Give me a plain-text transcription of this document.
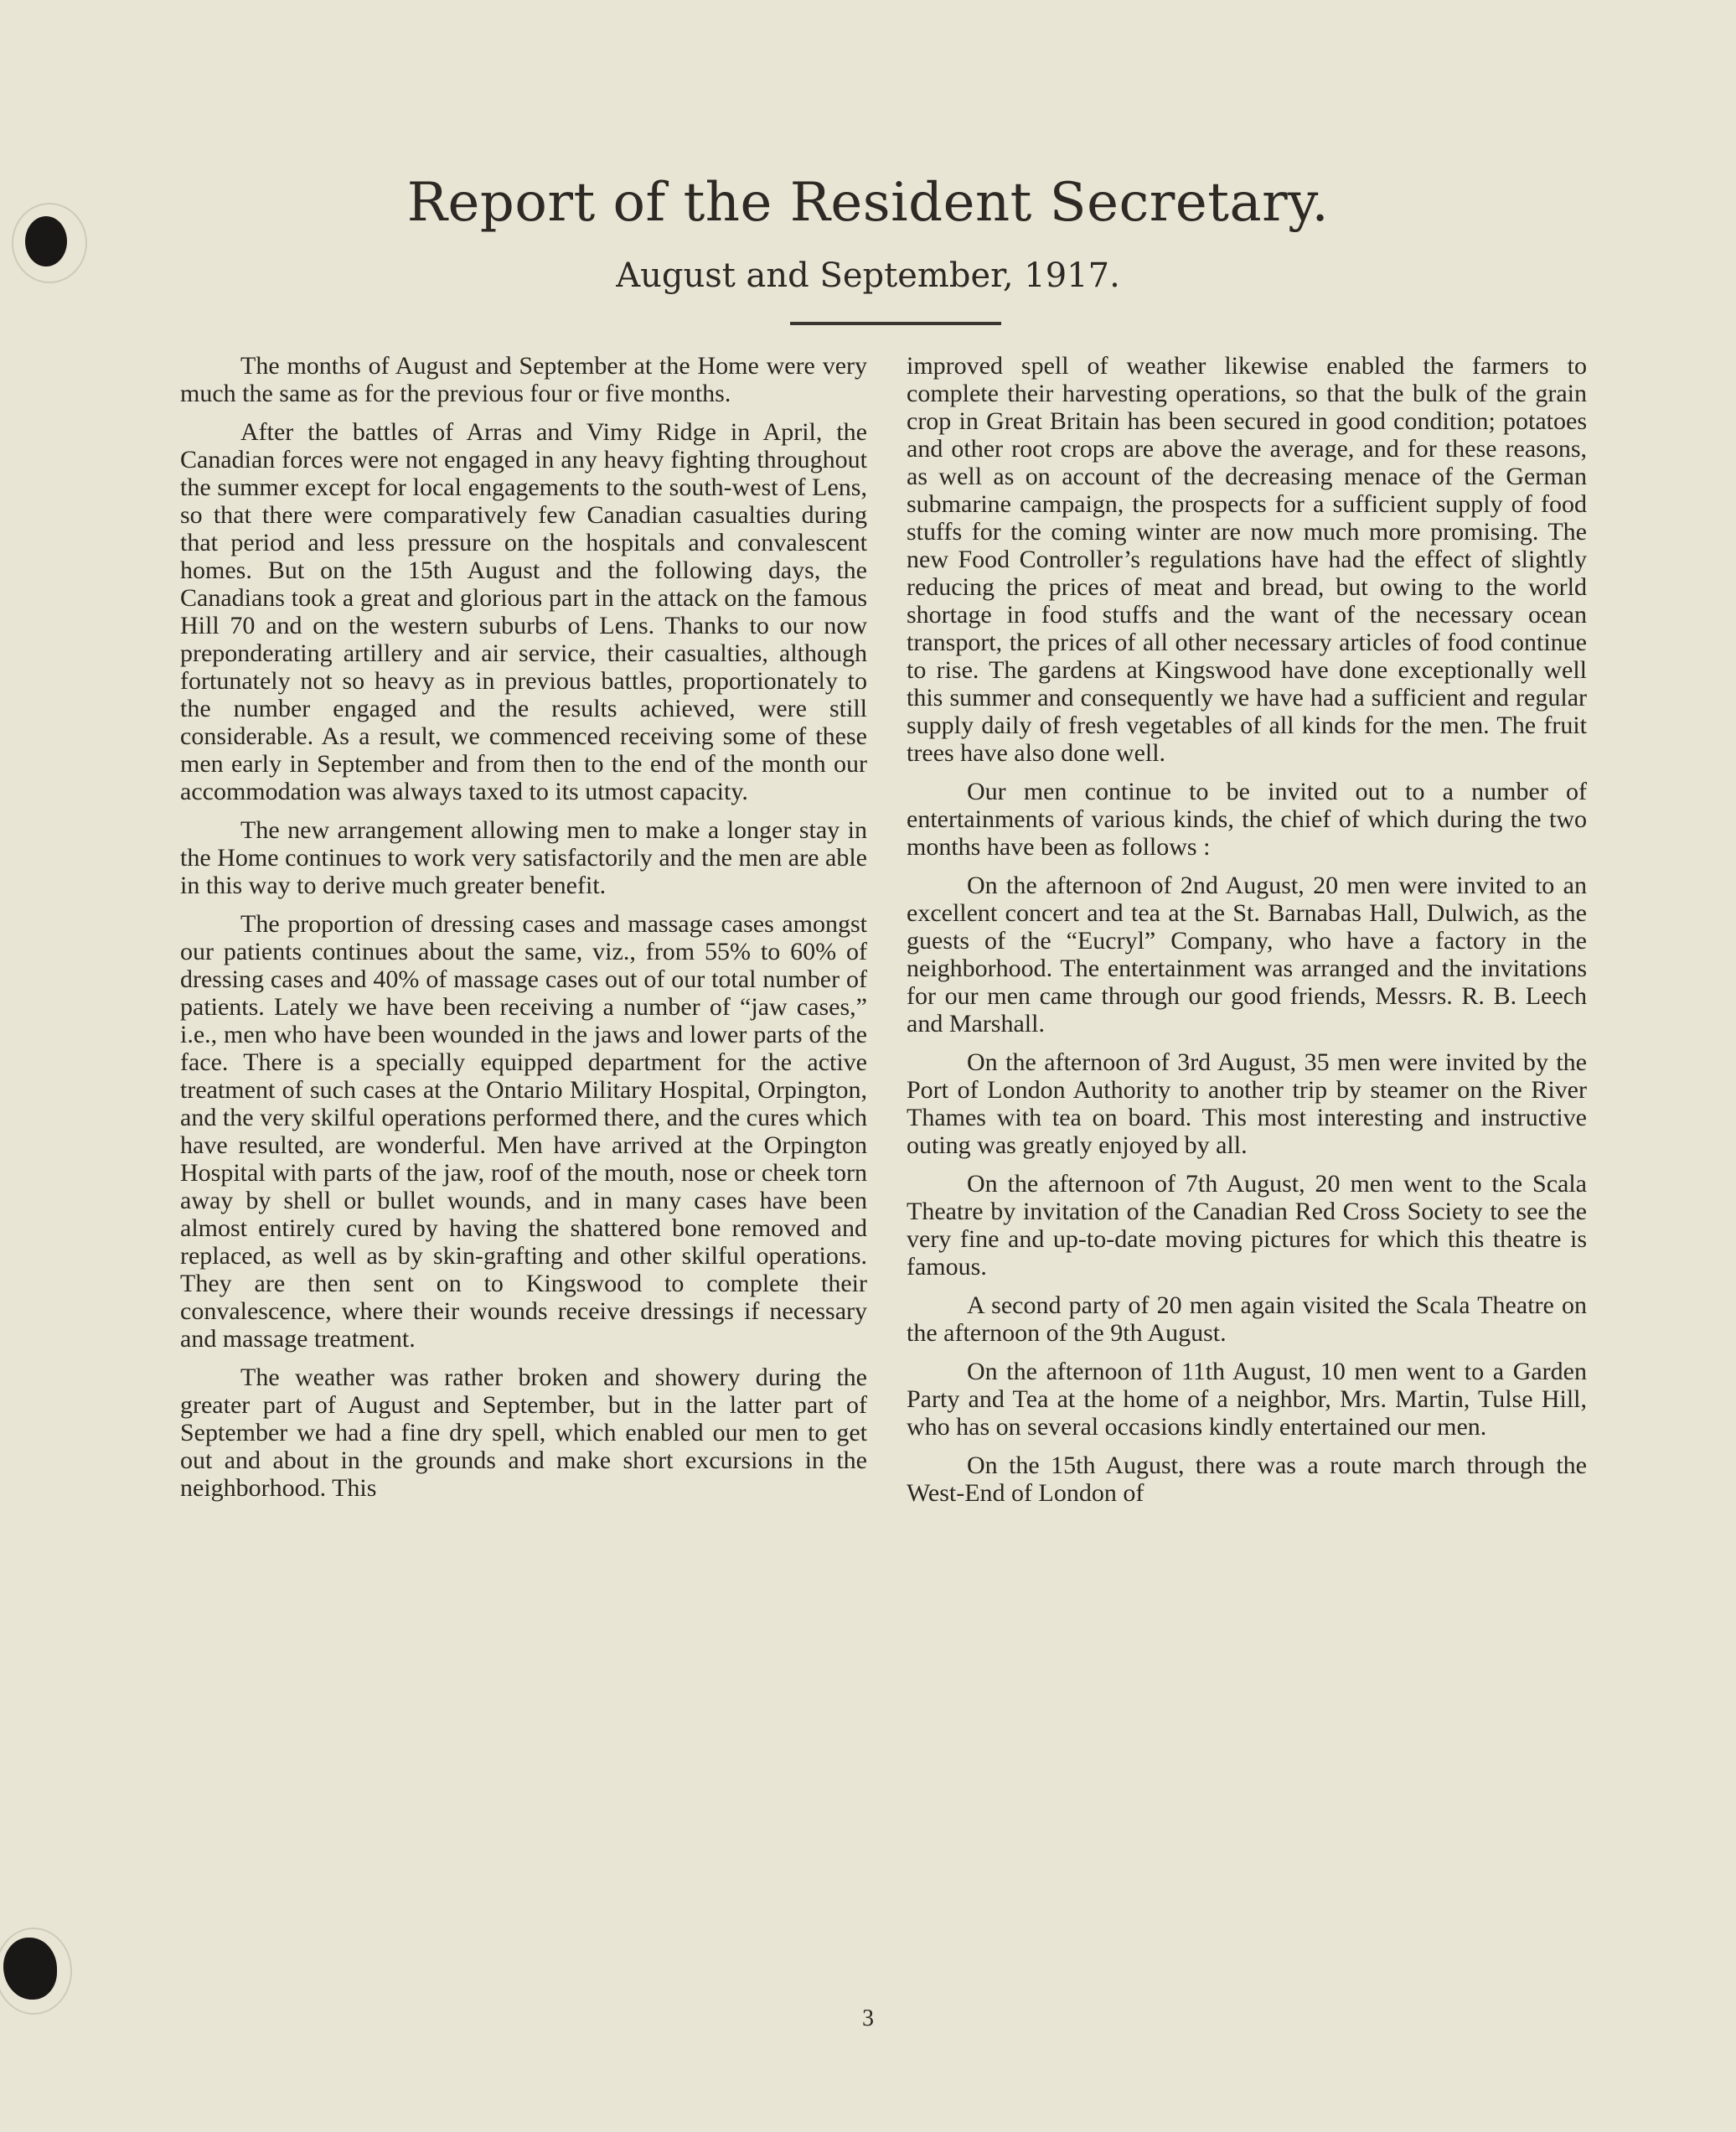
Report of the Resident Secretary.
August and September, 1917.

The months of August and September at the Home were very much the same as for the previous four or five months.

After the battles of Arras and Vimy Ridge in April, the Canadian forces were not engaged in any heavy fighting throughout the summer except for local engagements to the south-west of Lens, so that there were comparatively few Canadian casualties during that period and less pressure on the hospitals and convalescent homes. But on the 15th August and the following days, the Canadians took a great and glorious part in the attack on the famous Hill 70 and on the western suburbs of Lens. Thanks to our now preponderating artillery and air service, their casualties, although fortunately not so heavy as in previous battles, proportionately to the number engaged and the results achieved, were still considerable. As a result, we commenced receiving some of these men early in September and from then to the end of the month our accommodation was always taxed to its utmost capacity.

The new arrangement allowing men to make a longer stay in the Home continues to work very satisfactorily and the men are able in this way to derive much greater benefit.

The proportion of dressing cases and massage cases amongst our patients continues about the same, viz., from 55% to 60% of dressing cases and 40% of massage cases out of our total number of patients. Lately we have been receiving a number of “jaw cases,” i.e., men who have been wounded in the jaws and lower parts of the face. There is a specially equipped department for the active treatment of such cases at the Ontario Military Hospital, Orpington, and the very skilful operations performed there, and the cures which have resulted, are wonderful. Men have arrived at the Orpington Hospital with parts of the jaw, roof of the mouth, nose or cheek torn away by shell or bullet wounds, and in many cases have been almost entirely cured by having the shattered bone removed and replaced, as well as by skin-grafting and other skilful operations. They are then sent on to Kingswood to complete their convalescence, where their wounds receive dressings if necessary and massage treatment.

The weather was rather broken and showery during the greater part of August and September, but in the latter part of September we had a fine dry spell, which enabled our men to get out and about in the grounds and make short excursions in the neighborhood. This

improved spell of weather likewise enabled the farmers to complete their harvesting operations, so that the bulk of the grain crop in Great Britain has been secured in good condition; potatoes and other root crops are above the average, and for these reasons, as well as on account of the decreasing menace of the German submarine campaign, the prospects for a sufficient supply of food stuffs for the coming winter are now much more promising. The new Food Controller’s regulations have had the effect of slightly reducing the prices of meat and bread, but owing to the world shortage in food stuffs and the want of the necessary ocean transport, the prices of all other necessary articles of food continue to rise. The gardens at Kingswood have done exceptionally well this summer and consequently we have had a sufficient and regular supply daily of fresh vegetables of all kinds for the men. The fruit trees have also done well.

Our men continue to be invited out to a number of entertainments of various kinds, the chief of which during the two months have been as follows :

On the afternoon of 2nd August, 20 men were invited to an excellent concert and tea at the St. Barnabas Hall, Dulwich, as the guests of the “Eucryl” Company, who have a factory in the neighborhood. The entertainment was arranged and the invitations for our men came through our good friends, Messrs. R. B. Leech and Marshall.

On the afternoon of 3rd August, 35 men were invited by the Port of London Authority to another trip by steamer on the River Thames with tea on board. This most interesting and instructive outing was greatly enjoyed by all.

On the afternoon of 7th August, 20 men went to the Scala Theatre by invitation of the Canadian Red Cross Society to see the very fine and up-to-date moving pictures for which this theatre is famous.

A second party of 20 men again visited the Scala Theatre on the afternoon of the 9th August.

On the afternoon of 11th August, 10 men went to a Garden Party and Tea at the home of a neighbor, Mrs. Martin, Tulse Hill, who has on several occasions kindly entertained our men.

On the 15th August, there was a route march through the West-End of London of

3
